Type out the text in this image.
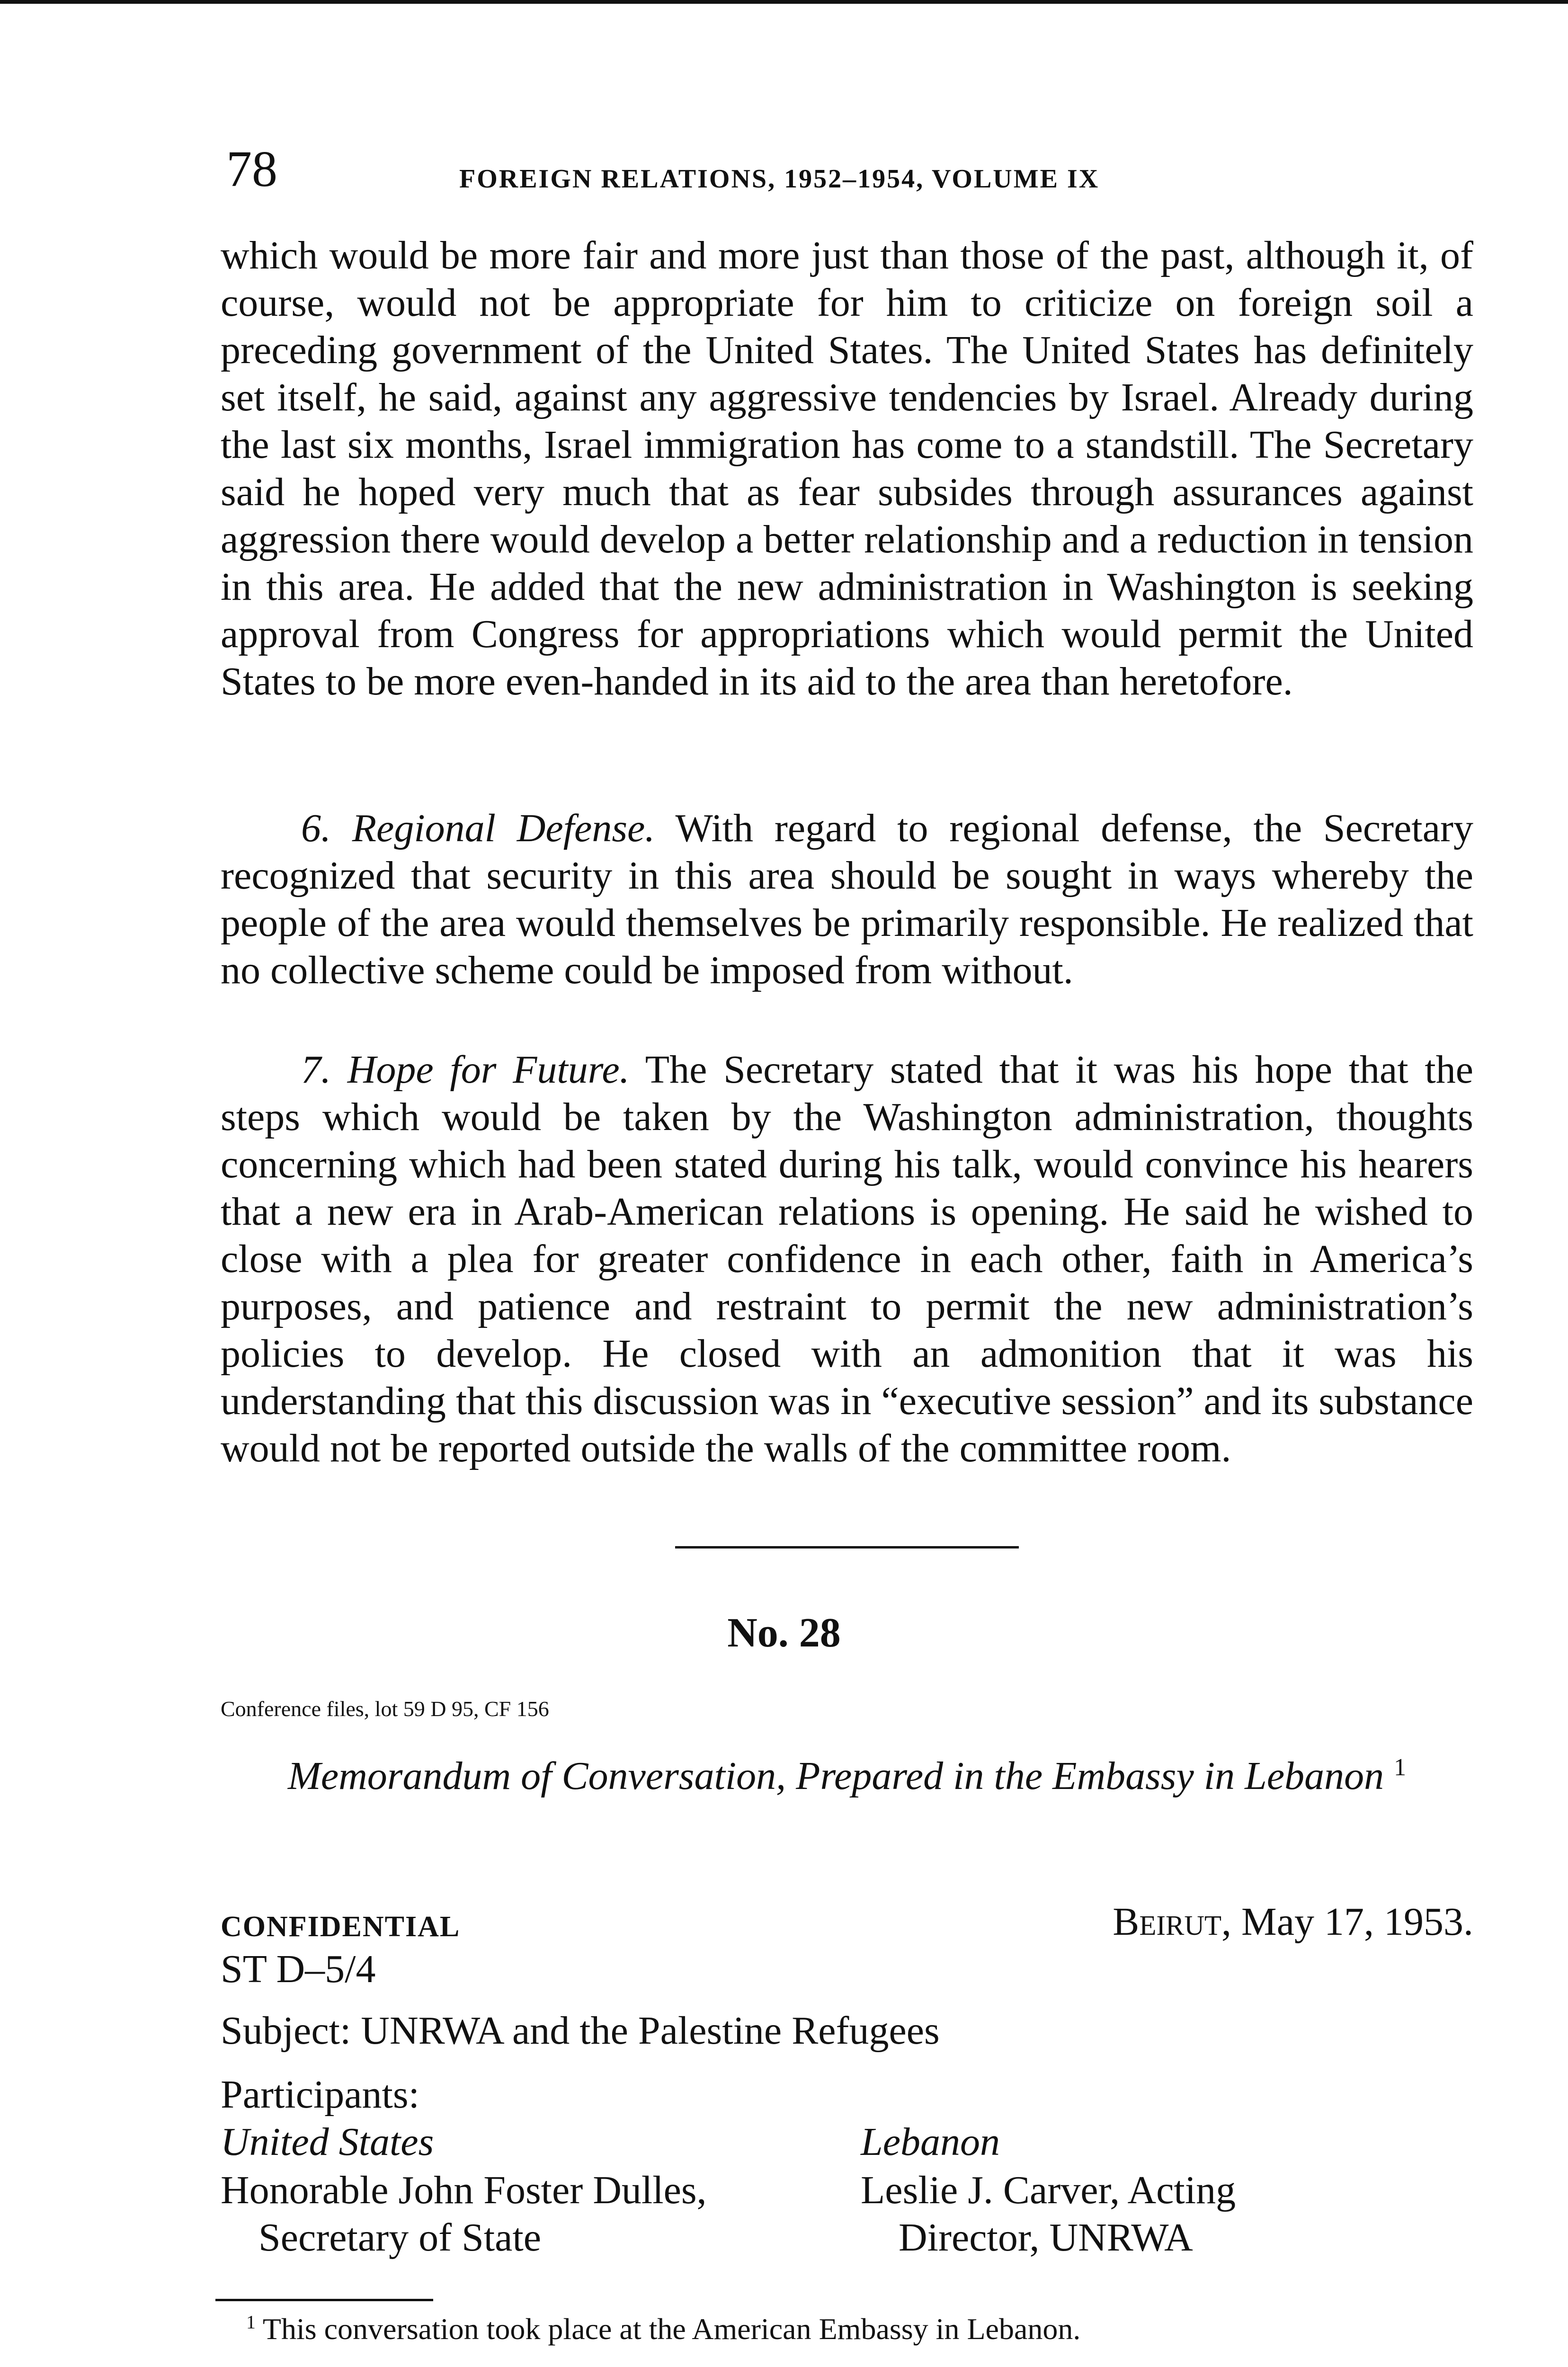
78	FOREIGN RELATIONS, 1952–1954, VOLUME IX
which would be more fair and more just than those of the past, although it, of course, would not be appropriate for him to criticize on foreign soil a preceding government of the United States. The United States has definitely set itself, he said, against any aggressive tendencies by Israel. Already during the last six months, Israel immigration has come to a standstill. The Secretary said he hoped very much that as fear subsides through assurances against aggression there would develop a better relationship and a reduction in tension in this area. He added that the new administration in Washington is seeking approval from Congress for appropriations which would permit the United States to be more even-handed in its aid to the area than heretofore.
6. Regional Defense. With regard to regional defense, the Secretary recognized that security in this area should be sought in ways whereby the people of the area would themselves be primarily responsible. He realized that no collective scheme could be imposed from without.
7. Hope for Future. The Secretary stated that it was his hope that the steps which would be taken by the Washington administration, thoughts concerning which had been stated during his talk, would convince his hearers that a new era in Arab-American relations is opening. He said he wished to close with a plea for greater confidence in each other, faith in America’s purposes, and patience and restraint to permit the new administration’s policies to develop. He closed with an admonition that it was his understanding that this discussion was in “executive session” and its substance would not be reported outside the walls of the committee room.
No. 28
Conference files, lot 59 D 95, CF 156
Memorandum of Conversation, Prepared in the Embassy in Lebanon $^1$
CONFIDENTIAL	Beirut, May 17, 1953.
ST D–5/4
Subject: UNRWA and the Palestine Refugees
Participants:
United States
Honorable John Foster Dulles,
Secretary of State
Lebanon
Leslie J. Carver, Acting
Director, UNRWA
$^1$ This conversation took place at the American Embassy in Lebanon.
